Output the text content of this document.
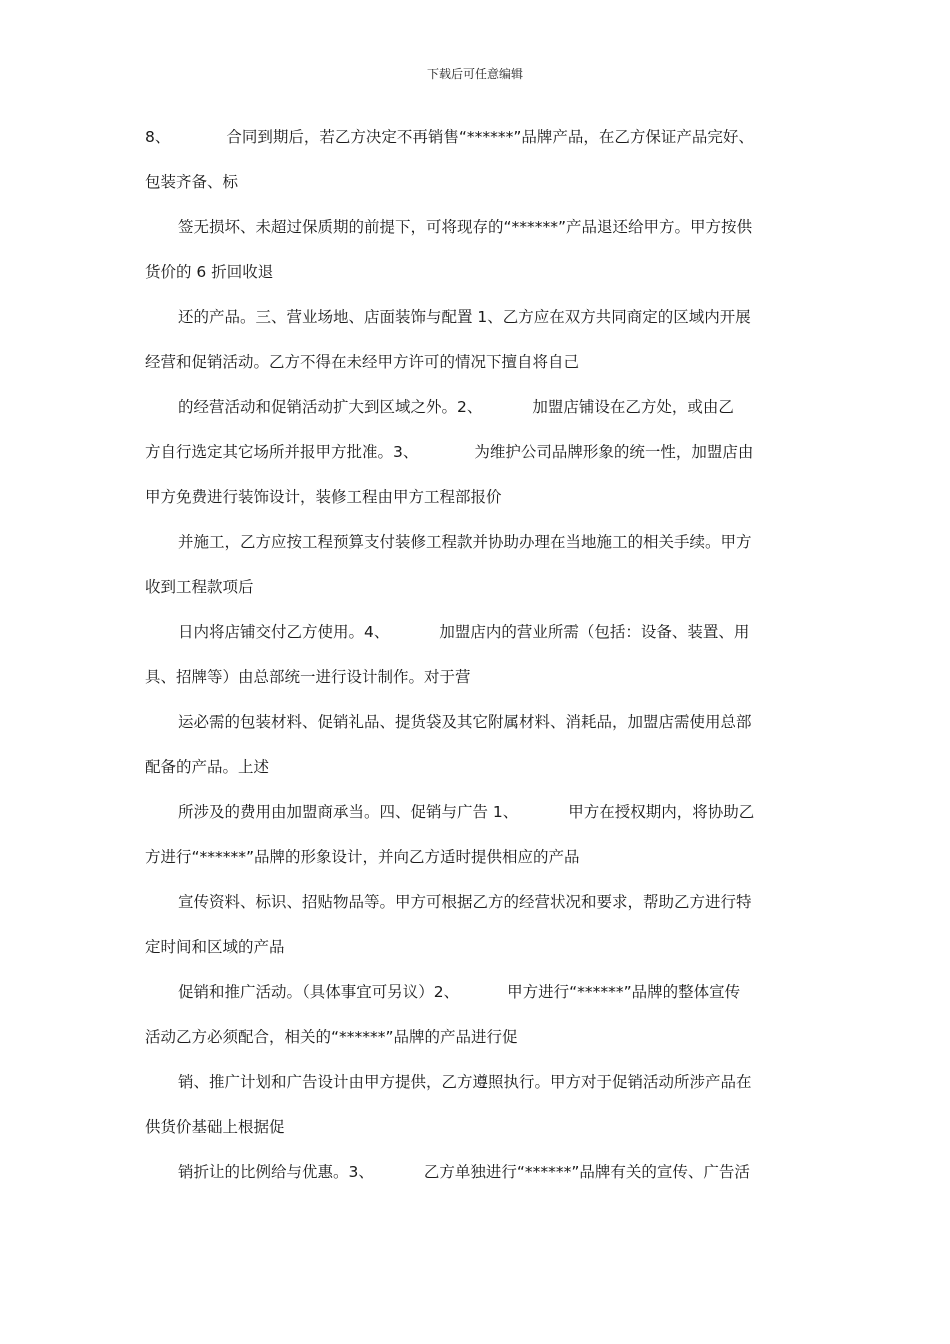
下载后可任意编辑
8、	合同到期后，若乙方决定不再销售“******”品牌产品，在乙方保证产品完好、
包装齐备、标
签无损坏、未超过保质期的前提下，可将现存的“******”产品退还给甲方。甲方按供
货价的 6 折回收退
还的产品。三、营业场地、店面装饰与配置 1、乙方应在双方共同商定的区域内开展
经营和促销活动。乙方不得在未经甲方许可的情况下擅自将自己
的经营活动和促销活动扩大到区域之外。2、	加盟店铺设在乙方处，或由乙
方自行选定其它场所并报甲方批准。3、	为维护公司品牌形象的统一性，加盟店由
甲方免费进行装饰设计，装修工程由甲方工程部报价
并施工，乙方应按工程预算支付装修工程款并协助办理在当地施工的相关手续。甲方
收到工程款项后
日内将店铺交付乙方使用。4、	加盟店内的营业所需（包括：设备、装置、用
具、招牌等）由总部统一进行设计制作。对于营
运必需的包装材料、促销礼品、提货袋及其它附属材料、消耗品，加盟店需使用总部
配备的产品。上述
所涉及的费用由加盟商承当。四、促销与广告 1、	甲方在授权期内，将协助乙
方进行“******”品牌的形象设计，并向乙方适时提供相应的产品
宣传资料、标识、招贴物品等。甲方可根据乙方的经营状况和要求，帮助乙方进行特
定时间和区域的产品
促销和推广活动。（具体事宜可另议）2、	甲方进行“******”品牌的整体宣传
活动乙方必须配合，相关的“******”品牌的产品进行促
销、推广计划和广告设计由甲方提供，乙方遵照执行。甲方对于促销活动所涉产品在
供货价基础上根据促
销折让的比例给与优惠。3、	乙方单独进行“******”品牌有关的宣传、广告活
